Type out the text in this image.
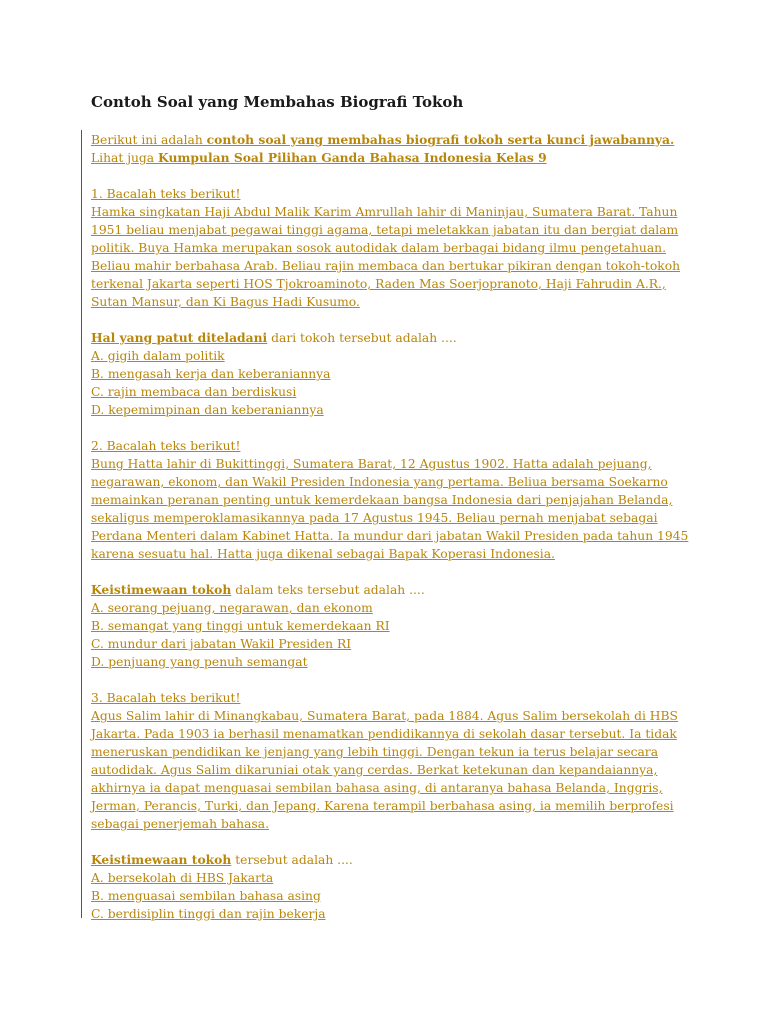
Contoh Soal yang Membahas Biografi Tokoh
Berikut ini adalah contoh soal yang membahas biografi tokoh serta kunci jawabannya.
Lihat juga Kumpulan Soal Pilihan Ganda Bahasa Indonesia Kelas 9
1. Bacalah teks berikut!
Hamka singkatan Haji Abdul Malik Karim Amrullah lahir di Maninjau, Sumatera Barat. Tahun
1951 beliau menjabat pegawai tinggi agama, tetapi meletakkan jabatan itu dan bergiat dalam
politik. Buya Hamka merupakan sosok autodidak dalam berbagai bidang ilmu pengetahuan.
Beliau mahir berbahasa Arab. Beliau rajin membaca dan bertukar pikiran dengan tokoh-tokoh
terkenal Jakarta seperti HOS Tjokroaminoto, Raden Mas Soerjopranoto, Haji Fahrudin A.R.,
Sutan Mansur, dan Ki Bagus Hadi Kusumo.
Hal yang patut diteladani dari tokoh tersebut adalah ....
A. gigih dalam politik
B. mengasah kerja dan keberaniannya
C. rajin membaca dan berdiskusi
D. kepemimpinan dan keberaniannya
2. Bacalah teks berikut!
Bung Hatta lahir di Bukittinggi, Sumatera Barat, 12 Agustus 1902. Hatta adalah pejuang,
negarawan, ekonom, dan Wakil Presiden Indonesia yang pertama. Beliua bersama Soekarno
memainkan peranan penting untuk kemerdekaan bangsa Indonesia dari penjajahan Belanda,
sekaligus memperoklamasikannya pada 17 Agustus 1945. Beliau pernah menjabat sebagai
Perdana Menteri dalam Kabinet Hatta. Ia mundur dari jabatan Wakil Presiden pada tahun 1945
karena sesuatu hal. Hatta juga dikenal sebagai Bapak Koperasi Indonesia.
Keistimewaan tokoh dalam teks tersebut adalah ....
A. seorang pejuang, negarawan, dan ekonom
B. semangat yang tinggi untuk kemerdekaan RI
C. mundur dari jabatan Wakil Presiden RI
D. penjuang yang penuh semangat
3. Bacalah teks berikut!
Agus Salim lahir di Minangkabau, Sumatera Barat, pada 1884. Agus Salim bersekolah di HBS
Jakarta. Pada 1903 ia berhasil menamatkan pendidikannya di sekolah dasar tersebut. Ia tidak
meneruskan pendidikan ke jenjang yang lebih tinggi. Dengan tekun ia terus belajar secara
autodidak. Agus Salim dikaruniai otak yang cerdas. Berkat ketekunan dan kepandaiannya,
akhirnya ia dapat menguasai sembilan bahasa asing, di antaranya bahasa Belanda, Inggris,
Jerman, Perancis, Turki, dan Jepang. Karena terampil berbahasa asing, ia memilih berprofesi
sebagai penerjemah bahasa.
Keistimewaan tokoh tersebut adalah ....
A. bersekolah di HBS Jakarta
B. menguasai sembilan bahasa asing
C. berdisiplin tinggi dan rajin bekerja
